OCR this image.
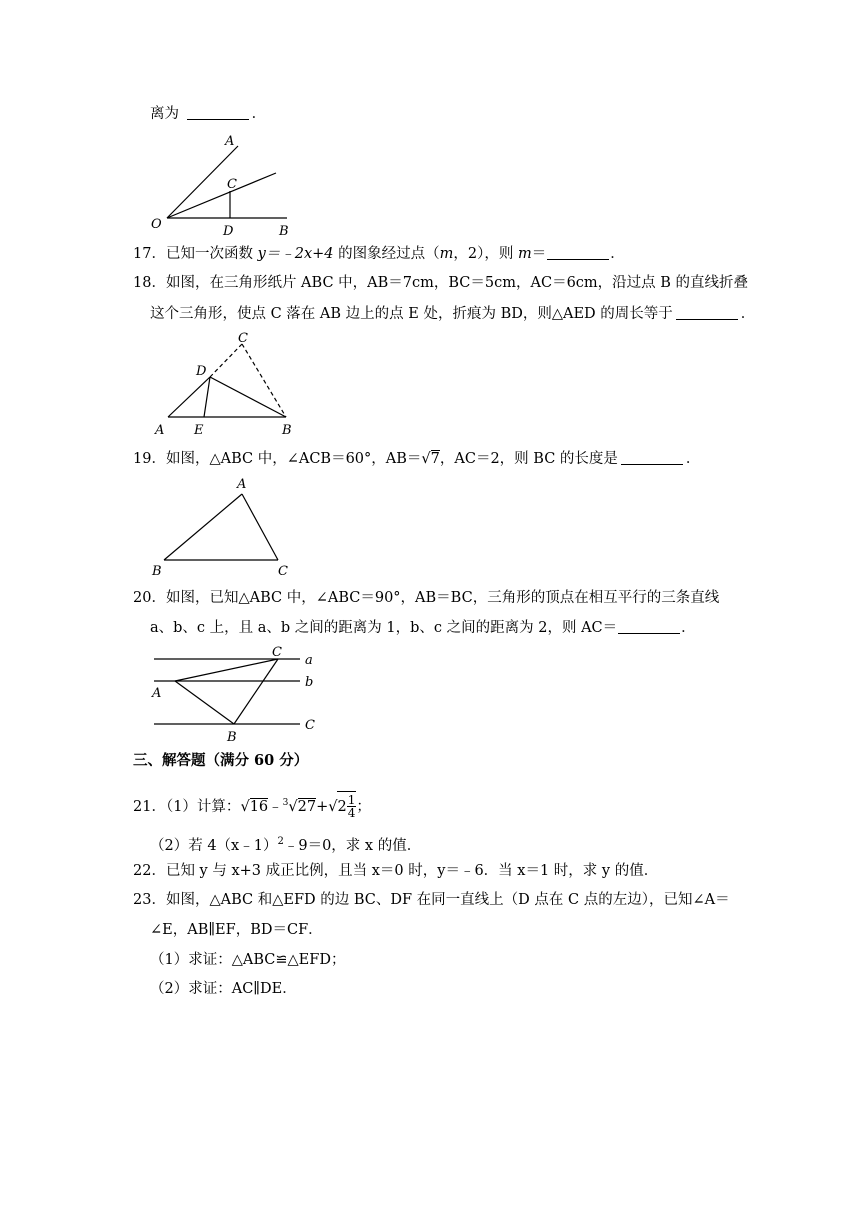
离为	．
A
C
O	D	B
17．已知一次函数 y＝﹣2x+4 的图象经过点（m，2），则 m＝	．
18．如图，在三角形纸片 ABC 中，AB＝7cm，BC＝5cm，AC＝6cm，沿过点 B 的直线折叠
这个三角形，使点 C 落在 AB 边上的点 E 处，折痕为 BD，则△AED 的周长等于	．
C
D
A E	B
19．如图，△ABC 中，∠ACB＝60°，AB＝√7，AC＝2，则 BC 的长度是	．
A
B	C
20．如图，已知△ABC 中，∠ABC＝90°，AB＝BC，三角形的顶点在相互平行的三条直线
a、b、c 上，且 a、b 之间的距离为 1，b、c 之间的距离为 2，则 AC＝	．
C
a
b
A
C
B
三、解答题（满分 60 分）
21．（1）计算：√16﹣$^3$√27+√ $2 \frac{1}{4}$ ；
（2）若 4（x﹣1）$^2$﹣9＝0，求 x 的值．
22．已知 y 与 x+3 成正比例，且当 x＝0 时，y＝﹣6．当 x＝1 时，求 y 的值．
23．如图，△ABC 和△EFD 的边 BC、DF 在同一直线上（D 点在 C 点的左边），已知∠A＝
∠E，AB∥EF，BD＝CF．
（1）求证：△ABC≌△EFD；
（2）求证：AC∥DE．
